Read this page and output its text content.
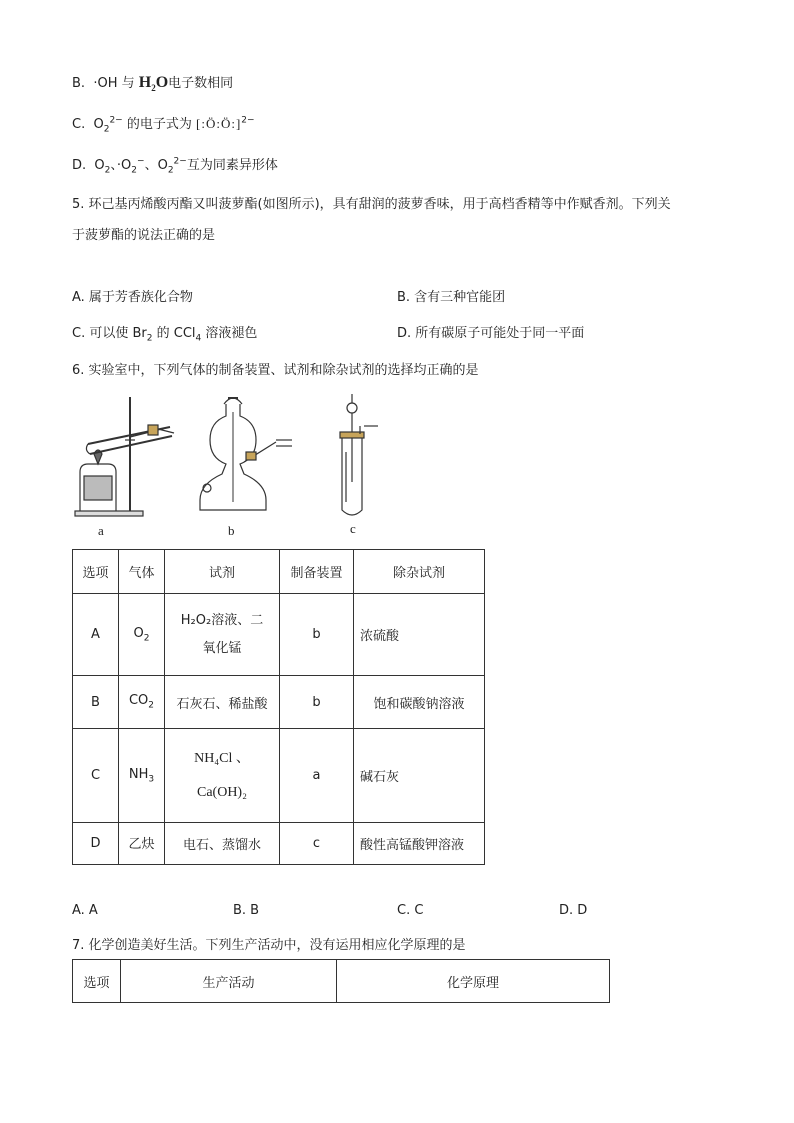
B. ·OH 与 $H_2O$电子数相同
C. $O_2^{2-}$ 的电子式为 [:Ö:Ö:]$^{2-}$
D. $O_2$、$\cdot O_2^-$、$O_2^{2-}$互为同素异形体
5. 环己基丙烯酸丙酯又叫菠萝酯(如图所示)，具有甜润的菠萝香味，用于高档香精等中作赋香剂。下列关
于菠萝酯的说法正确的是
A. 属于芳香族化合物	B. 含有三种官能团
C. 可以使 $Br_2$ 的 CCl$_4$ 溶液褪色	D. 所有碳原子可能处于同一平面
6. 实验室中，下列气体的制备装置、试剂和除杂试剂的选择均正确的是
a	b	c
选项	气体	试剂	制备装置	除杂试剂
A	$O_2$	H₂O₂溶液、二
氧化锰	b	浓硫酸
B	$CO_2$	石灰石、稀盐酸	b	饱和碳酸钠溶液
C	$NH_3$	NH₄Cl 、
Ca(OH)₂	a	碱石灰
D	乙炔	电石、蒸馏水	c	酸性高锰酸钾溶液
A. A	B. B	C. C	D. D
7. 化学创造美好生活。下列生产活动中，没有运用相应化学原理的是
选项	生产活动	化学原理
